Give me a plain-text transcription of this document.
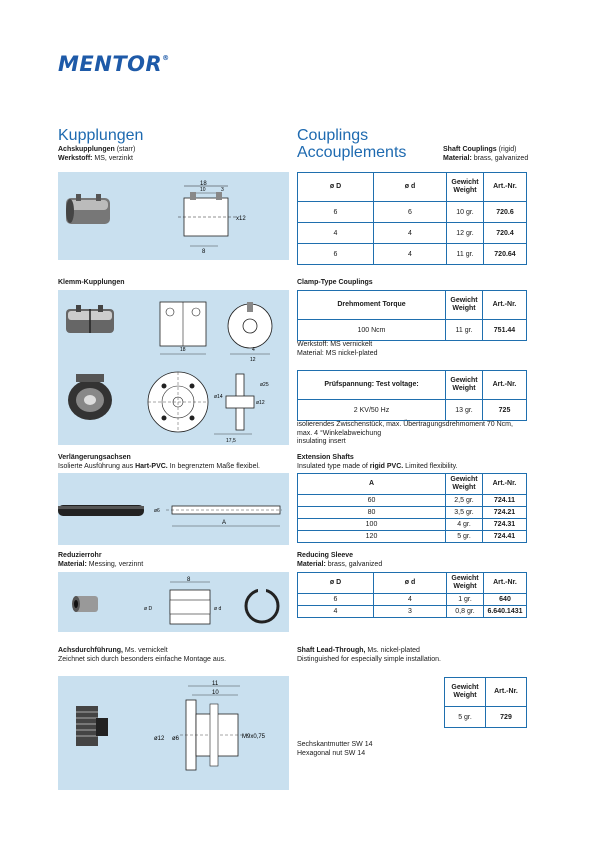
MENTOR®
Kupplungen	Couplings
Accouplements
Achskupplungen (starr)
Werkstoff: MS, verzinkt
Shaft Couplings (rigid)
Material: brass, galvanized
18
10	3
8
x12
ø D	ø d	Gewicht Weight	Art.-Nr.
6	6	10 gr.	720.6
4	4	12 gr.	720.4
6	4	11 gr.	720.64
Klemm-Kupplungen	Clamp-Type Couplings
18	4
12
ø25
ø14
ø12
17,5
Drehmoment Torque	Gewicht Weight	Art.-Nr.
100 Ncm	11 gr.	751.44
Werkstoff: MS vernickelt
Material: MS nickel-plated
Prüfspannung: Test voltage:	Gewicht Weight	Art.-Nr.
2 KV/50 Hz	13 gr.	725
isolierendes Zwischenstück, max. Übertragungsdrehmoment 70 Ncm,
max. 4 °Winkelabweichung
insulating insert
Verlängerungsachsen
Isolierte Ausführung aus Hart-PVC. In begrenztem Maße flexibel.
Extension Shafts
Insulated type made of rigid PVC. Limited flexibility.
ø6
A
A	Gewicht Weight	Art.-Nr.
60	2,5 gr.	724.11
80	3,5 gr.	724.21
100	4 gr.	724.31
120	5 gr.	724.41
Reduzierrohr
Material: Messing, verzinnt
Reducing Sleeve
Material: brass, galvanized
8
ø D	ø d
ø D	ø d	Gewicht Weight	Art.-Nr.
6	4	1 gr.	640
4	3	0,8 gr.	6.640.1431
Achsdurchführung, Ms. vernickelt
Zeichnet sich durch besonders einfache Montage aus.
Shaft Lead-Through, Ms. nickel-plated
Distinguished for especially simple installation.
11
10
ø12 ø6	M9x0,75
Gewicht Weight	Art.-Nr.
5 gr.	729
Sechskantmutter SW 14
Hexagonal nut SW 14
